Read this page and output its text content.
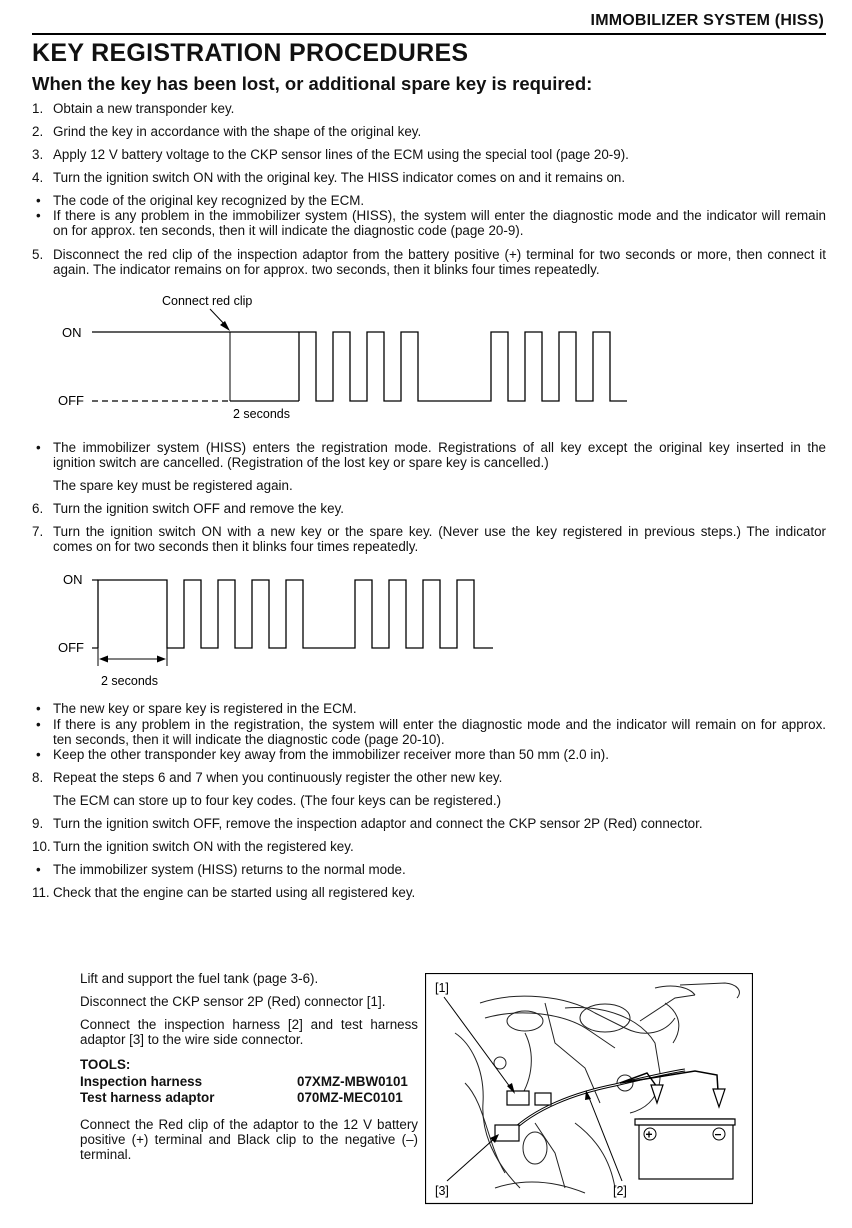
IMMOBILIZER SYSTEM (HISS)
KEY REGISTRATION PROCEDURES
When the key has been lost, or additional spare key is required:
1. Obtain a new transponder key.
2. Grind the key in accordance with the shape of the original key.
3. Apply 12 V battery voltage to the CKP sensor lines of the ECM using the special tool (page 20-9).
4. Turn the ignition switch ON with the original key. The HISS indicator comes on and it remains on.
• The code of the original key recognized by the ECM.
• If there is any problem in the immobilizer system (HISS), the system will enter the diagnostic mode and the indicator will remain
on for approx. ten seconds, then it will indicate the diagnostic code (page 20-9).
5. Disconnect the red clip of the inspection adaptor from the battery positive (+) terminal for two seconds or more, then connect it
again. The indicator remains on for approx. two seconds, then it blinks four times repeatedly.
Connect red clip
ON
OFF
2 seconds
• The immobilizer system (HISS) enters the registration mode. Registrations of all key except the original key inserted in the
ignition switch are cancelled. (Registration of the lost key or spare key is cancelled.)
The spare key must be registered again.
6. Turn the ignition switch OFF and remove the key.
7. Turn the ignition switch ON with a new key or the spare key. (Never use the key registered in previous steps.) The indicator
comes on for two seconds then it blinks four times repeatedly.
ON
OFF
2 seconds
• The new key or spare key is registered in the ECM.
• If there is any problem in the registration, the system will enter the diagnostic mode and the indicator will remain on for approx.
ten seconds, then it will indicate the diagnostic code (page 20-10).
• Keep the other transponder key away from the immobilizer receiver more than 50 mm (2.0 in).
8. Repeat the steps 6 and 7 when you continuously register the other new key.
The ECM can store up to four key codes. (The four keys can be registered.)
9. Turn the ignition switch OFF, remove the inspection adaptor and connect the CKP sensor 2P (Red) connector.
10. Turn the ignition switch ON with the registered key.
• The immobilizer system (HISS) returns to the normal mode.
11. Check that the engine can be started using all registered key.
Lift and support the fuel tank (page 3-6).
Disconnect the CKP sensor 2P (Red) connector [1].
Connect the inspection harness [2] and test harness
adaptor [3] to the wire side connector.
TOOLS:
Inspection harness	07XMZ-MBW0101
Test harness adaptor	070MZ-MEC0101
Connect the Red clip of the adaptor to the 12 V battery
positive (+) terminal and Black clip to the negative (–)
terminal.
+	−
[1]
[2]
[3]
